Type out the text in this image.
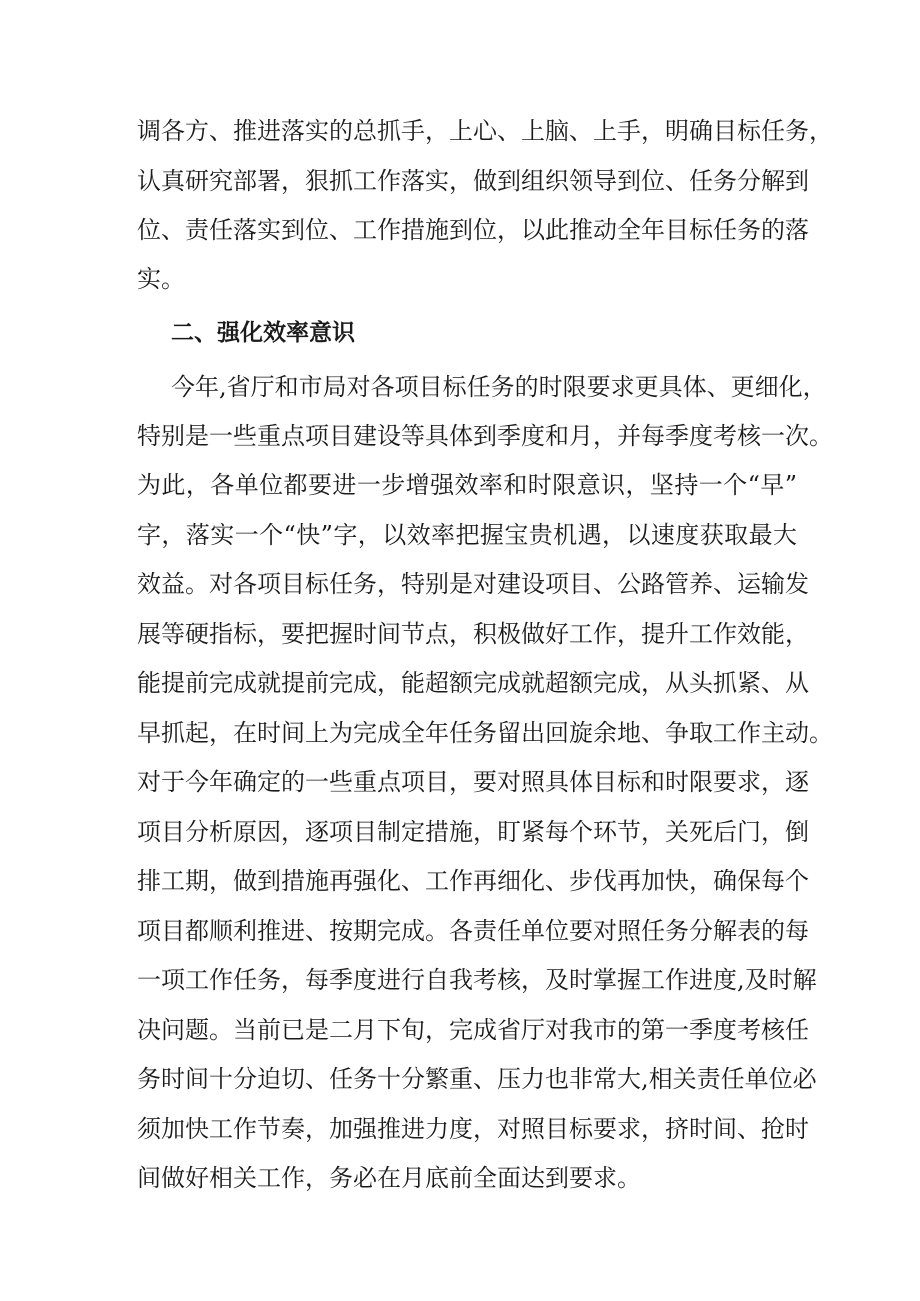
调各方、推进落实的总抓手，上心、上脑、上手，明确目标任务，

认真研究部署，狠抓工作落实，做到组织领导到位、任务分解到

位、责任落实到位、工作措施到位，以此推动全年目标任务的落

实。

二、强化效率意识

今年,省厅和市局对各项目标任务的时限要求更具体、更细化，

特别是一些重点项目建设等具体到季度和月，并每季度考核一次。

为此，各单位都要进一步增强效率和时限意识，坚持一个“早”

字，落实一个“快”字，以效率把握宝贵机遇，以速度获取最大

效益。对各项目标任务，特别是对建设项目、公路管养、运输发

展等硬指标，要把握时间节点，积极做好工作，提升工作效能，

能提前完成就提前完成，能超额完成就超额完成，从头抓紧、从

早抓起，在时间上为完成全年任务留出回旋余地、争取工作主动。

对于今年确定的一些重点项目，要对照具体目标和时限要求，逐

项目分析原因，逐项目制定措施，盯紧每个环节，关死后门，倒

排工期，做到措施再强化、工作再细化、步伐再加快，确保每个

项目都顺利推进、按期完成。各责任单位要对照任务分解表的每

一项工作任务，每季度进行自我考核，及时掌握工作进度,及时解

决问题。当前已是二月下旬，完成省厅对我市的第一季度考核任

务时间十分迫切、任务十分繁重、压力也非常大,相关责任单位必

须加快工作节奏，加强推进力度，对照目标要求，挤时间、抢时

间做好相关工作，务必在月底前全面达到要求。
